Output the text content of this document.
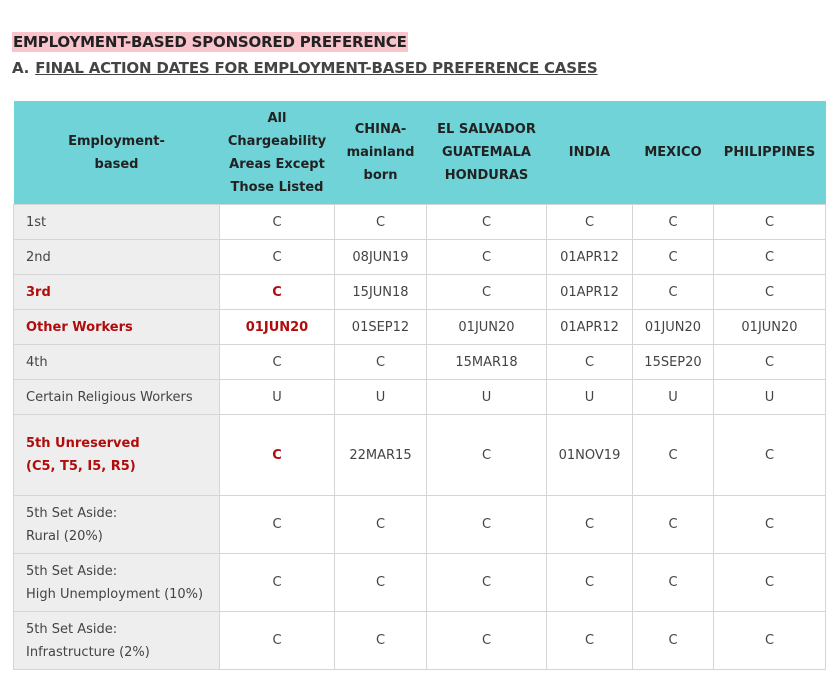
EMPLOYMENT-BASED SPONSORED PREFERENCE
A. FINAL ACTION DATES FOR EMPLOYMENT-BASED PREFERENCE CASES
Employment-
based	All
Chargeability
Areas Except
Those Listed	CHINA-
mainland
born	EL SALVADOR
GUATEMALA
HONDURAS	INDIA	MEXICO	PHILIPPINES

1st	C	C	C	C	C	C

2nd	C	08JUN19	C	01APR12	C	C

3rd	C	15JUN18	C	01APR12	C	C

Other Workers	01JUN20	01SEP12	01JUN20	01APR12	01JUN20	01JUN20

4th	C	C	15MAR18	C	15SEP20	C

Certain Religious Workers	U	U	U	U	U	U

5th Unreserved
(C5, T5, I5, R5)	C	22MAR15	C	01NOV19	C	C

5th Set Aside:
Rural (20%)	C	C	C	C	C	C

5th Set Aside:
High Unemployment (10%)	C	C	C	C	C	C

5th Set Aside:
Infrastructure (2%)	C	C	C	C	C	C
